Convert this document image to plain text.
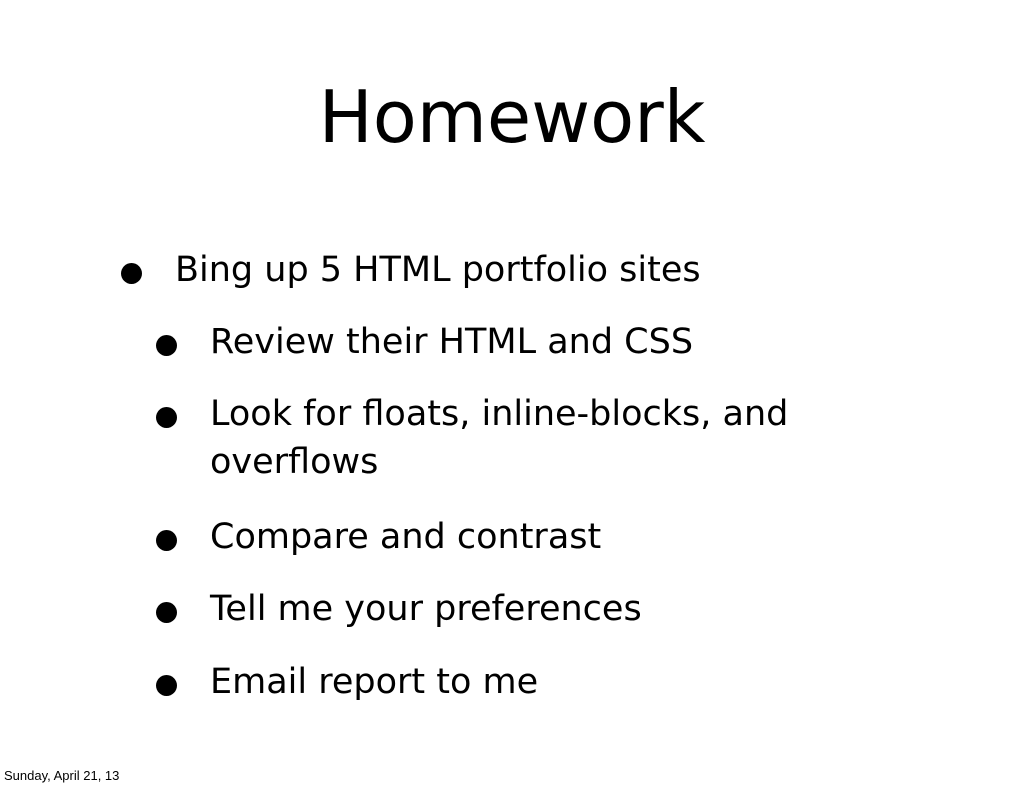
Homework
Bing up 5 HTML portfolio sites
Review their HTML and CSS
Look for floats, inline-blocks, and
overflows
Compare and contrast
Tell me your preferences
Email report to me
Sunday, April 21, 13
